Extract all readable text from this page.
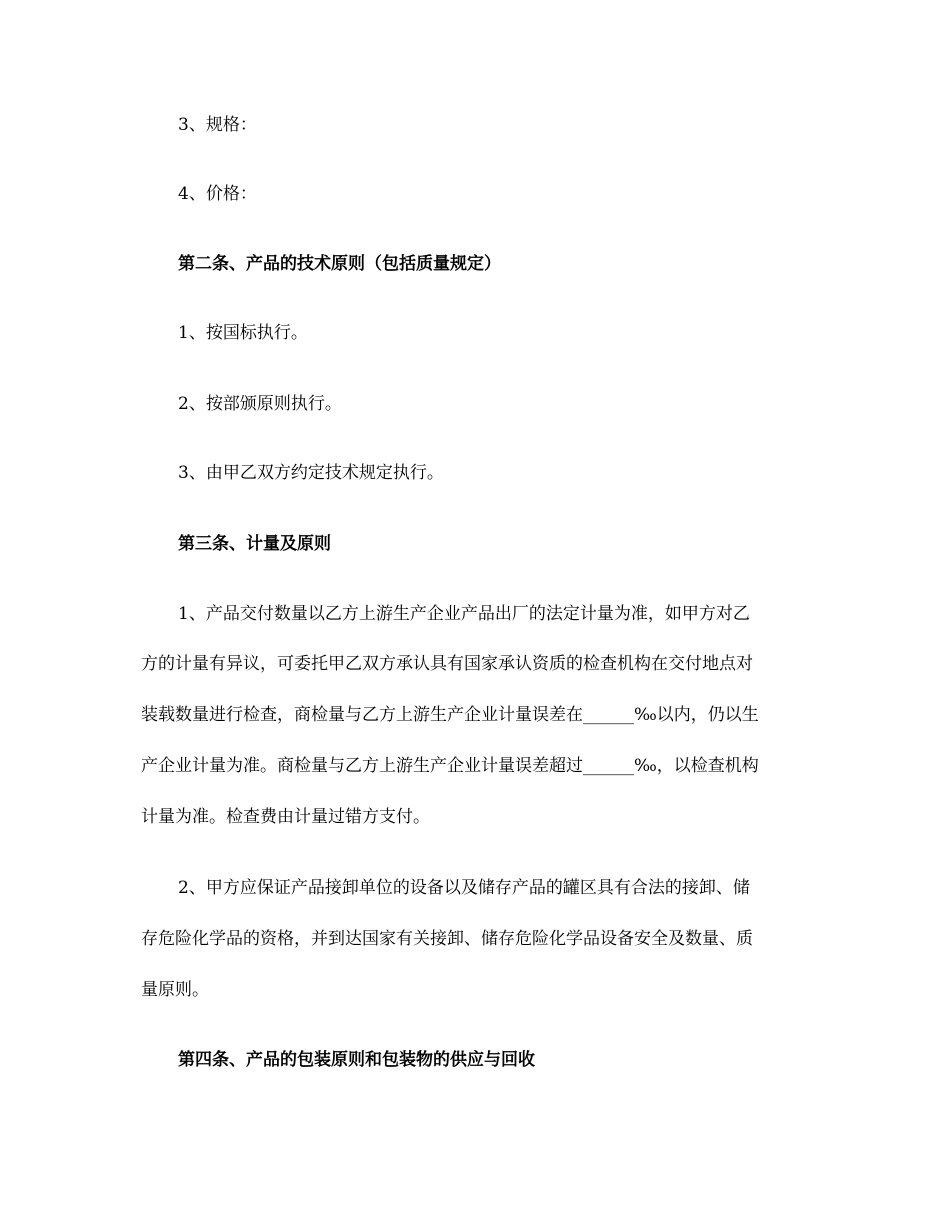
3、规格：

4、价格：

第二条、产品的技术原则（包括质量规定）

1、按国标执行。

2、按部颁原则执行。

3、由甲乙双方约定技术规定执行。

第三条、计量及原则

1、产品交付数量以乙方上游生产企业产品出厂的法定计量为准，如甲方对乙

方的计量有异议，可委托甲乙双方承认具有国家承认资质的检查机构在交付地点对

装载数量进行检查，商检量与乙方上游生产企业计量误差在______‰以内，仍以生

产企业计量为准。商检量与乙方上游生产企业计量误差超过______‰，以检查机构

计量为准。检查费由计量过错方支付。

2、甲方应保证产品接卸单位的设备以及储存产品的罐区具有合法的接卸、储

存危险化学品的资格，并到达国家有关接卸、储存危险化学品设备安全及数量、质

量原则。

第四条、产品的包装原则和包装物的供应与回收
